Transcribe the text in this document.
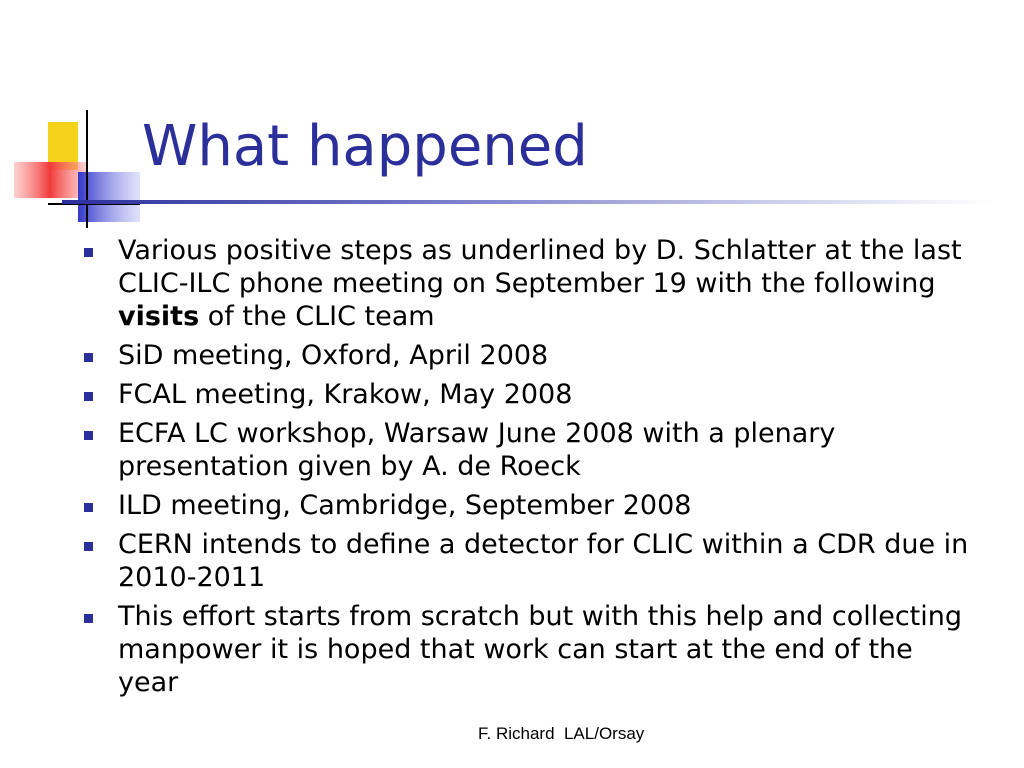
What happened
Various positive steps as underlined by D. Schlatter at the last CLIC-ILC phone meeting on September 19 with the following visits of the CLIC team
SiD meeting, Oxford, April 2008
FCAL meeting, Krakow, May 2008
ECFA LC workshop, Warsaw June 2008 with a plenary presentation given by A. de Roeck
ILD meeting, Cambridge, September 2008
CERN intends to define a detector for CLIC within a CDR due in 2010-2011
This effort starts from scratch but with this help and collecting manpower it is hoped that work can start at the end of the year
F. Richard  LAL/Orsay
